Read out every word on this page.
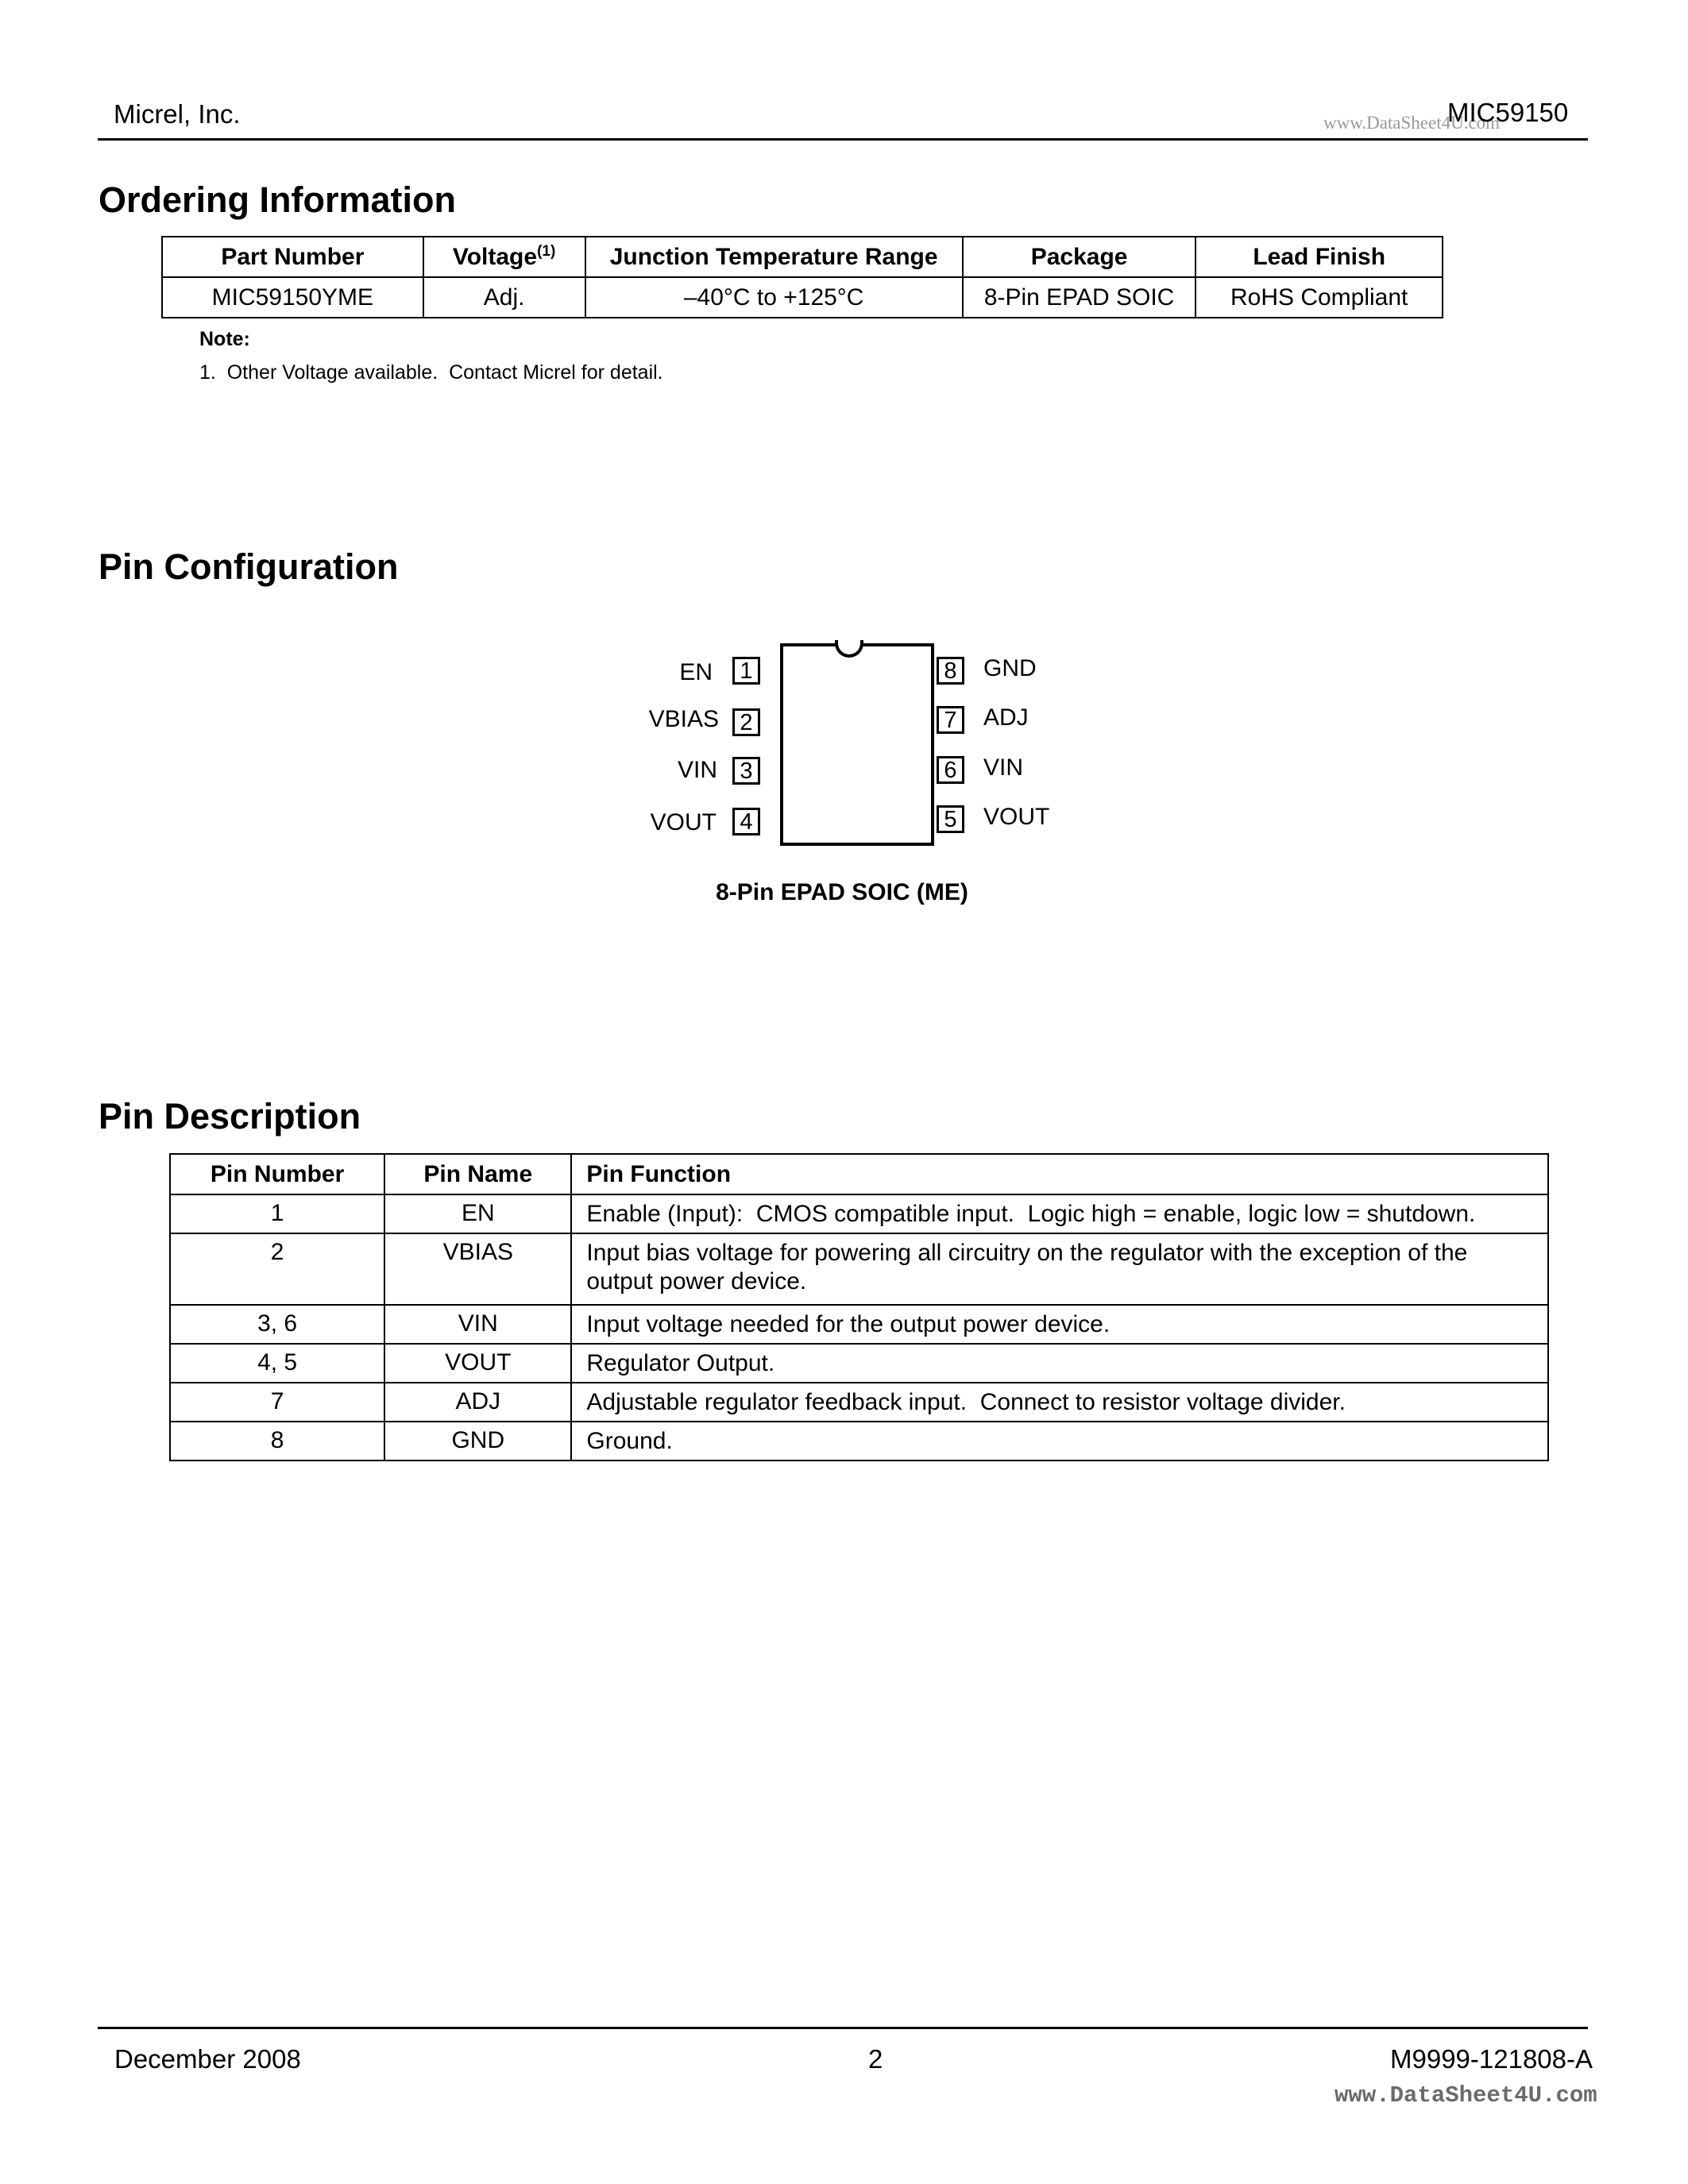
Micrel, Inc.	www.DataSheet4U.com
MIC59150
Ordering Information
Part Number	Voltage$^{(1)}$	Junction Temperature Range	Package	Lead Finish
MIC59150YME	Adj.	–40°C to +125°C	8-Pin EPAD SOIC	RoHS Compliant
Note:
1.  Other Voltage available.  Contact Micrel for detail.
Pin Configuration
EN	1
VBIAS 2
VIN 3
VOUT	4
8	GND
7	ADJ
6	VIN
5	VOUT
8-Pin EPAD SOIC (ME)
Pin Description
Pin Number	Pin Name	Pin Function
1	EN	Enable (Input):  CMOS compatible input.  Logic high = enable, logic low = shutdown.
2	VBIAS	Input bias voltage for powering all circuitry on the regulator with the exception of the output power device.
3, 6	VIN	Input voltage needed for the output power device.
4, 5	VOUT	Regulator Output.
7	ADJ	Adjustable regulator feedback input.  Connect to resistor voltage divider.
8	GND	Ground.
December 2008	2	M9999-121808-A
www.DataSheet4U.com
